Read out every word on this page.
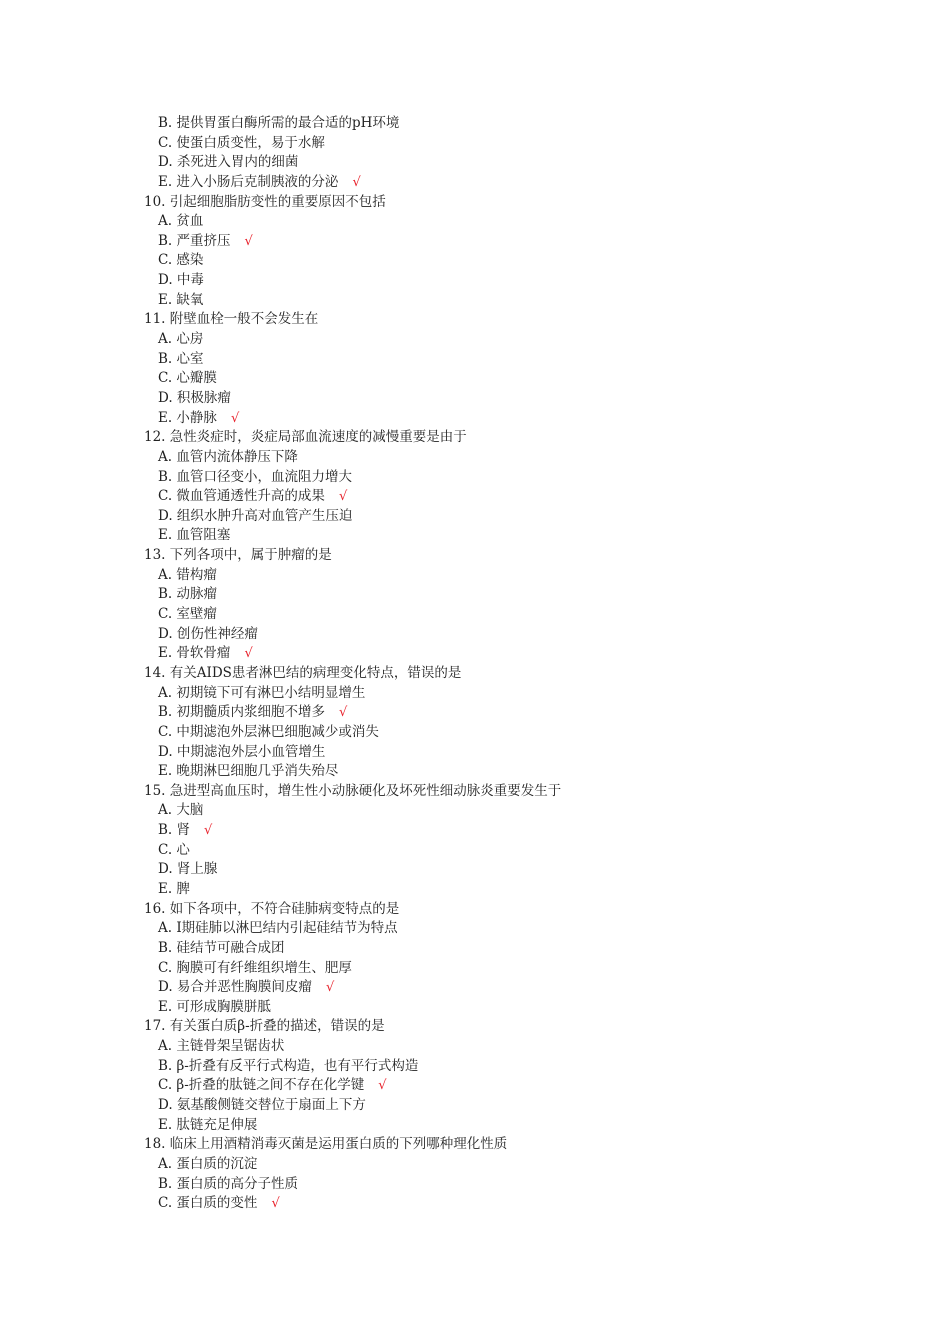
B. 提供胃蛋白酶所需的最合适的pH环境
C. 使蛋白质变性，易于水解
D. 杀死进入胃内的细菌
E. 进入小肠后克制胰液的分泌 √
10. 引起细胞脂肪变性的重要原因不包括
A. 贫血
B. 严重挤压 √
C. 感染
D. 中毒
E. 缺氧
11. 附壁血栓一般不会发生在
A. 心房
B. 心室
C. 心瓣膜
D. 积极脉瘤
E. 小静脉 √
12. 急性炎症时，炎症局部血流速度的减慢重要是由于
A. 血管内流体静压下降
B. 血管口径变小，血流阻力增大
C. 微血管通透性升高的成果 √
D. 组织水肿升高对血管产生压迫
E. 血管阻塞
13. 下列各项中，属于肿瘤的是
A. 错构瘤
B. 动脉瘤
C. 室壁瘤
D. 创伤性神经瘤
E. 骨软骨瘤 √
14. 有关AIDS患者淋巴结的病理变化特点，错误的是
A. 初期镜下可有淋巴小结明显增生
B. 初期髓质内浆细胞不增多 √
C. 中期滤泡外层淋巴细胞减少或消失
D. 中期滤泡外层小血管增生
E. 晚期淋巴细胞几乎消失殆尽
15. 急进型高血压时，增生性小动脉硬化及坏死性细动脉炎重要发生于
A. 大脑
B. 肾 √
C. 心
D. 肾上腺
E. 脾
16. 如下各项中，不符合硅肺病变特点的是
A. Ⅰ期硅肺以淋巴结内引起硅结节为特点
B. 硅结节可融合成团
C. 胸膜可有纤维组织增生、肥厚
D. 易合并恶性胸膜间皮瘤 √
E. 可形成胸膜胼胝
17. 有关蛋白质β-折叠的描述，错误的是
A. 主链骨架呈锯齿状
B. β-折叠有反平行式构造，也有平行式构造
C. β-折叠的肽链之间不存在化学键 √
D. 氨基酸侧链交替位于扇面上下方
E. 肽链充足伸展
18. 临床上用酒精消毒灭菌是运用蛋白质的下列哪种理化性质
A. 蛋白质的沉淀
B. 蛋白质的高分子性质
C. 蛋白质的变性 √
